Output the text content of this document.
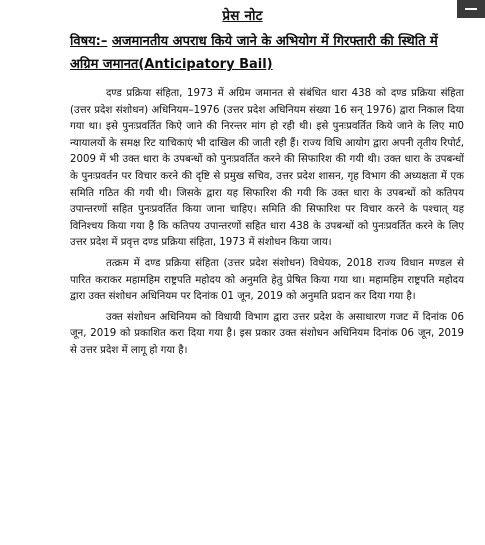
प्रेस नोट
विषय:– अजमानतीय अपराध किये जाने के अभियोग में गिरफ्तारी की स्थिति में अग्रिम जमानत(Anticipatory Bail)

दण्ड प्रक्रिया संहिता, 1973 में अग्रिम जमानत से संबंधित धारा 438 को दण्ड प्रक्रिया संहिता (उत्तर प्रदेश संशोधन) अधिनियम–1976 (उत्तर प्रदेश अधिनियम संख्या 16 सन् 1976) द्वारा निकाल दिया गया था। इसे पुनःप्रवर्तित किऐ जाने की निरन्तर मांग हो रही थी। इसे पुनःप्रवर्तित किये जाने के लिए मा0 न्यायालयों के समक्ष रिट याचिकाएं भी दाखिल की जाती रही हैं। राज्य विधि आयोग द्वारा अपनी तृतीय रिपोर्ट, 2009 में भी उक्त धारा के उपबन्धों को पुनःप्रवर्तित करने की सिफारिश की गयी थी। उक्त धारा के उपबन्धों के पुनःप्रवर्तन पर विचार करने की दृष्टि से प्रमुख सचिव, उत्तर प्रदेश शासन, गृह विभाग की अध्यक्षता में एक समिति गठित की गयी थी। जिसके द्वारा यह सिफारिश की गयी कि उक्त धारा के उपबन्धों को कतिपय उपान्तरणों सहित पुनःप्रवर्तित किया जाना चाहिए। समिति की सिफारिश पर विचार करने के पश्चात् यह विनिश्चय किया गया है कि कतिपय उपान्तरणों सहित धारा 438 के उपबन्धों को पुनःप्रवर्तित करने के लिए उत्तर प्रदेश में प्रवृत्त दण्ड प्रक्रिया संहिता, 1973 में संशोधन किया जाय।

तत्क्रम में दण्ड प्रक्रिया संहिता (उत्तर प्रदेश संशोधन) विधेयक, 2018 राज्य विधान मण्डल से पारित कराकर महामहिम राष्ट्रपति महोदय को अनुमति हेतु प्रेषित किया गया था। महामहिम राष्ट्रपति महोदय द्वारा उक्त संशोधन अधिनियम पर दिनांक 01 जून, 2019 को अनुमति प्रदान कर दिया गया है।

उक्त संशोधन अधिनियम को विधायी विभाग द्वारा उत्तर प्रदेश के असाधारण गजट में दिनांक 06 जून, 2019 को प्रकाशित करा दिया गया है। इस प्रकार उक्त संशोधन अधिनियम दिनांक 06 जून, 2019 से उत्तर प्रदेश में लागू हो गया है।
